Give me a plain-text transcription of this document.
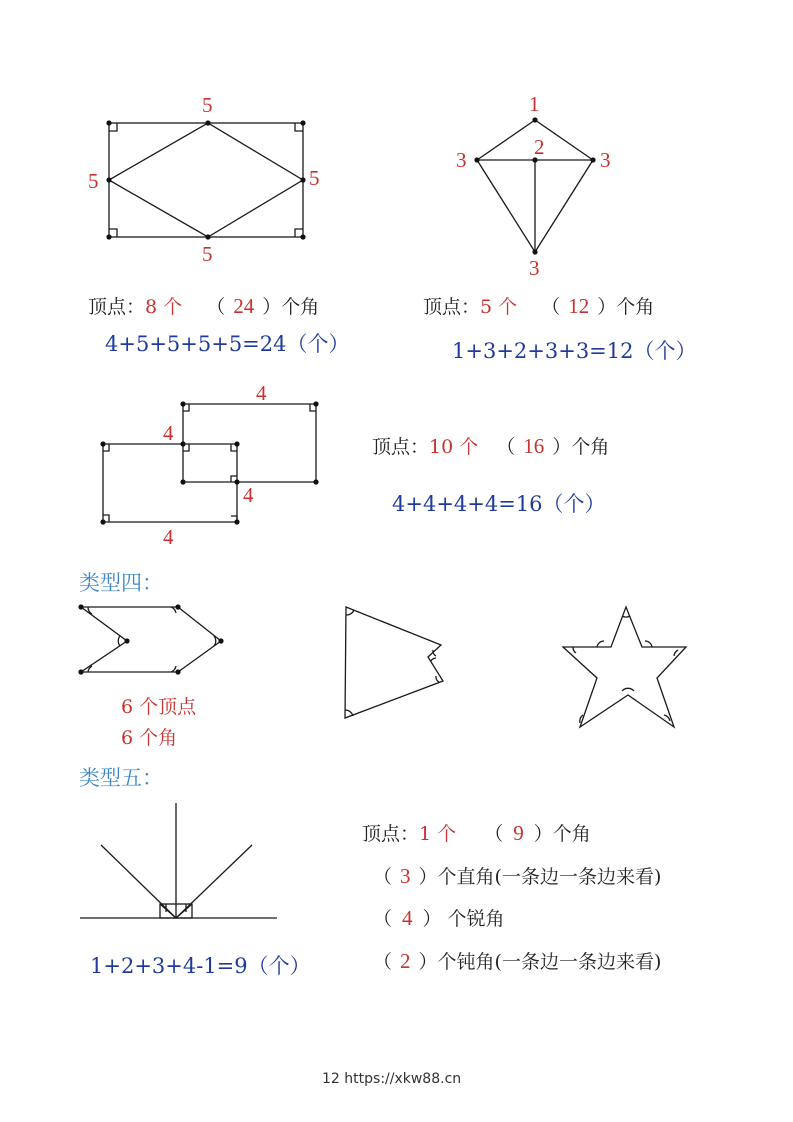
5
5	5
5
1
2
3	3
3
4
4
4
4
顶点：8 个 （ 24 ）个角
4+5+5+5+5=24（个）
顶点：5 个 （ 12 ）个角
1+3+2+3+3=12（个）
顶点：10 个 （ 16 ）个角
4+4+4+4=16（个）
类型四：
6 个顶点
6 个角
类型五：
1+2+3+4-1=9（个）
顶点：1 个 （ 9 ）个角
（ 3 ）个直角(一条边一条边来看)
（ 4 ） 个锐角
（ 2 ）个钝角(一条边一条边来看)
12 https://xkw88.cn
